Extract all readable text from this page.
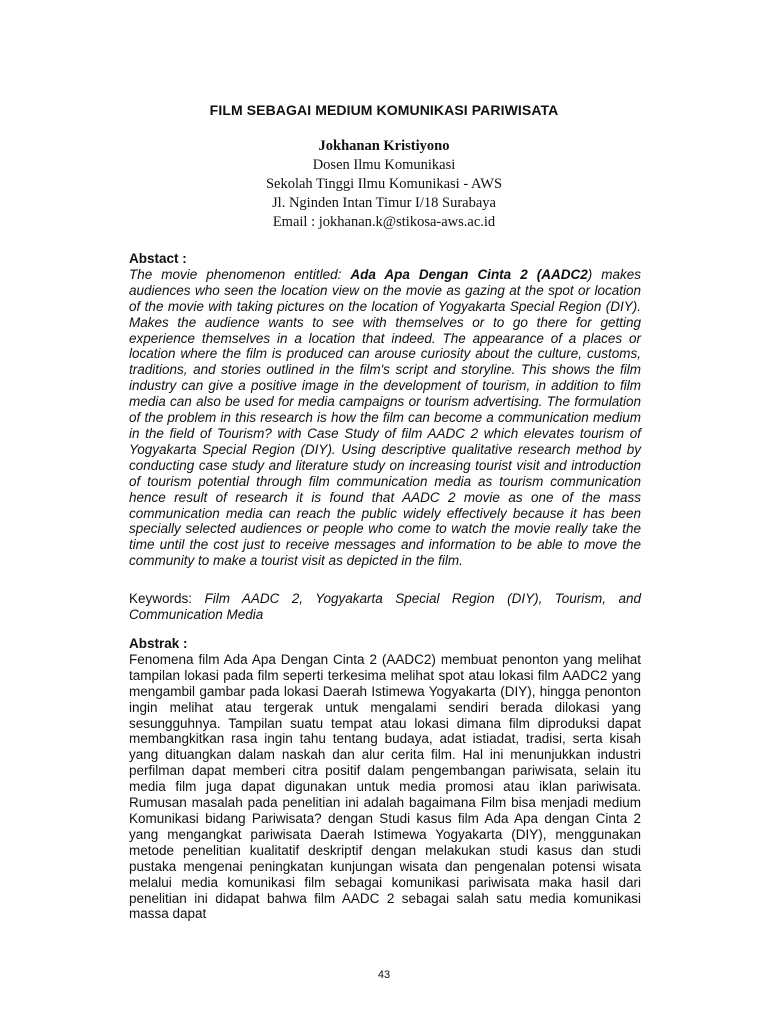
FILM SEBAGAI MEDIUM KOMUNIKASI PARIWISATA
Jokhanan Kristiyono
Dosen Ilmu Komunikasi
Sekolah Tinggi Ilmu Komunikasi - AWS
Jl. Nginden Intan Timur I/18 Surabaya
Email : jokhanan.k@stikosa-aws.ac.id
Abstact :
The movie phenomenon entitled: Ada Apa Dengan Cinta 2 (AADC2) makes audiences who seen the location view on the movie as gazing at the spot or location of the movie with taking pictures on the location of Yogyakarta Special Region (DIY). Makes the audience wants to see with themselves or to go there for getting experience themselves in a location that indeed. The appearance of a places or location where the film is produced can arouse curiosity about the culture, customs, traditions, and stories outlined in the film's script and storyline. This shows the film industry can give a positive image in the development of tourism, in addition to film media can also be used for media campaigns or tourism advertising. The formulation of the problem in this research is how the film can become a communication medium in the field of Tourism? with Case Study of film AADC 2 which elevates tourism of Yogyakarta Special Region (DIY). Using descriptive qualitative research method by conducting case study and literature study on increasing tourist visit and introduction of tourism potential through film communication media as tourism communication hence result of research it is found that AADC 2 movie as one of the mass communication media can reach the public widely effectively because it has been specially selected audiences or people who come to watch the movie really take the time until the cost just to receive messages and information to be able to move the community to make a tourist visit as depicted in the film.
Keywords: Film AADC 2, Yogyakarta Special Region (DIY), Tourism, and Communication Media
Abstrak :
Fenomena film Ada Apa Dengan Cinta 2 (AADC2) membuat penonton yang melihat tampilan lokasi pada film seperti terkesima melihat spot atau lokasi film AADC2 yang mengambil gambar pada lokasi Daerah Istimewa Yogyakarta (DIY), hingga penonton ingin melihat atau tergerak untuk mengalami sendiri berada dilokasi yang sesungguhnya. Tampilan suatu tempat atau lokasi dimana film diproduksi dapat membangkitkan rasa ingin tahu tentang budaya, adat istiadat, tradisi, serta kisah yang dituangkan dalam naskah dan alur cerita film. Hal ini menunjukkan industri perfilman dapat memberi citra positif dalam pengembangan pariwisata, selain itu media film juga dapat digunakan untuk media promosi atau iklan pariwisata. Rumusan masalah pada penelitian ini adalah bagaimana Film bisa menjadi medium Komunikasi bidang Pariwisata? dengan Studi kasus film Ada Apa dengan Cinta 2 yang mengangkat pariwisata Daerah Istimewa Yogyakarta (DIY), menggunakan metode penelitian kualitatif deskriptif dengan melakukan studi kasus dan studi pustaka mengenai peningkatan kunjungan wisata dan pengenalan potensi wisata melalui media komunikasi film sebagai komunikasi pariwisata maka hasil dari penelitian ini didapat bahwa film AADC 2 sebagai salah satu media komunikasi massa dapat
43
